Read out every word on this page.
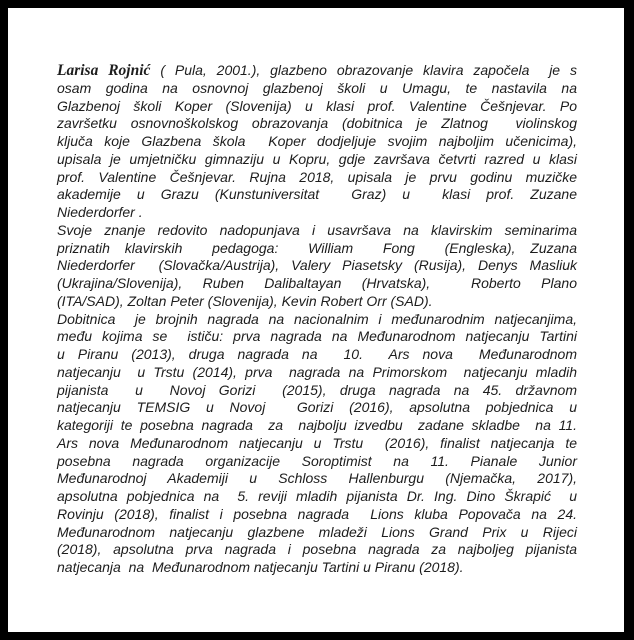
Larisa Rojnić ( Pula, 2001.), glazbeno obrazovanje klavira započela  je s
osam godina na osnovnoj glazbenoj školi u Umagu, te nastavila na
Glazbenoj školi Koper (Slovenija) u klasi prof. Valentine Češnjevar. Po
završetku osnovnoškolskog obrazovanja (dobitnica je Zlatnog  violinskog
ključa koje Glazbena škola  Koper dodjeljuje svojim najboljim učenicima),
upisala je umjetničku gimnaziju u Kopru, gdje završava četvrti razred u klasi
prof. Valentine Češnjevar. Rujna 2018, upisala je prvu godinu muzičke
akademije u Grazu (Kunstuniversitat  Graz) u  klasi prof. Zuzane
Niederdorfer .
Svoje znanje redovito nadopunjava i usavršava na klavirskim seminarima
priznatih klavirskih  pedagoga:  William  Fong  (Engleska), Zuzana
Niederdorfer  (Slovačka/Austrija), Valery Piasetsky (Rusija), Denys Masliuk
(Ukrajina/Slovenija), Ruben Dalibaltayan (Hrvatska),  Roberto Plano
(ITA/SAD), Zoltan Peter (Slovenija), Kevin Robert Orr (SAD).
Dobitnica  je brojnih nagrada na nacionalnim i međunarodnim natjecanjima,
među kojima se  ističu: prva nagrada na Međunarodnom natjecanju Tartini
u Piranu (2013), druga nagrada na  10.  Ars nova  Međunarodnom
natjecanju  u Trstu (2014), prva  nagrada na Primorskom  natjecanju mladih
pijanista  u  Novoj Gorizi  (2015), druga nagrada na 45. državnom
natjecanju TEMSIG u Novoj  Gorizi (2016), apsolutna pobjednica u
kategoriji te posebna nagrada  za  najbolju izvedbu  zadane skladbe  na 11.
Ars nova Međunarodnom natjecanju u Trstu  (2016), finalist natjecanja te
posebna nagrada organizacije Soroptimist na 11. Pianale Junior
Međunarodnoj Akademiji u Schloss Hallenburgu (Njemačka, 2017),
apsolutna pobjednica na  5. reviji mladih pijanista Dr. Ing. Dino Škrapić  u
Rovinju (2018), finalist i posebna nagrada  Lions kluba Popovača na 24.
Međunarodnom natjecanju glazbene mladeži Lions Grand Prix u Rijeci
(2018), apsolutna prva nagrada i posebna nagrada za najboljeg pijanista
natjecanja  na  Međunarodnom natjecanju Tartini u Piranu (2018).
